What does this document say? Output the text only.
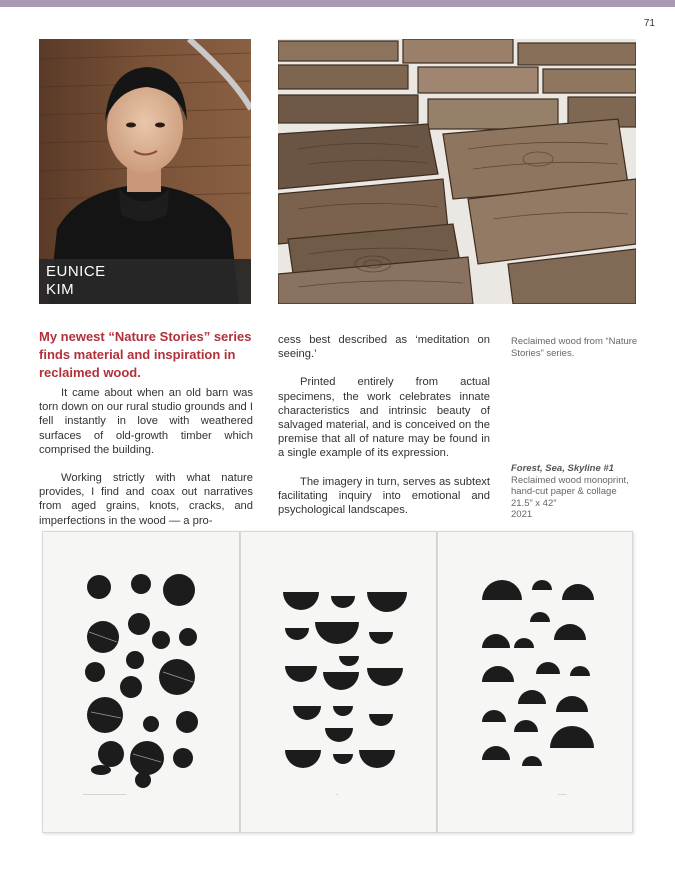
71
EUNICE
KIM
My newest “Nature Stories” series finds material and inspiration in reclaimed wood.

It came about when an old barn was torn down on our rural studio grounds and I fell instantly in love with weathered surfaces of old-growth timber which comprised the building.

Working strictly with what nature provides, I find and coax out narratives from aged grains, knots, cracks, and imperfections in the wood — a pro-

cess best described as ‘meditation on seeing.’

Printed entirely from actual specimens, the work celebrates innate characteristics and intrinsic beauty of salvaged material, and is conceived on the premise that all of nature may be found in a single example of its expression.

The imagery in turn, serves as subtext facilitating inquiry into emotional and psychological landscapes.

Reclaimed wood from “Nature Stories” series.
Forest, Sea, Skyline #1
Reclaimed wood monoprint, hand-cut paper & collage
21.5” x 42”
2021
~~~~~~~~~~~~~~~~~~~~	~	~~~~
